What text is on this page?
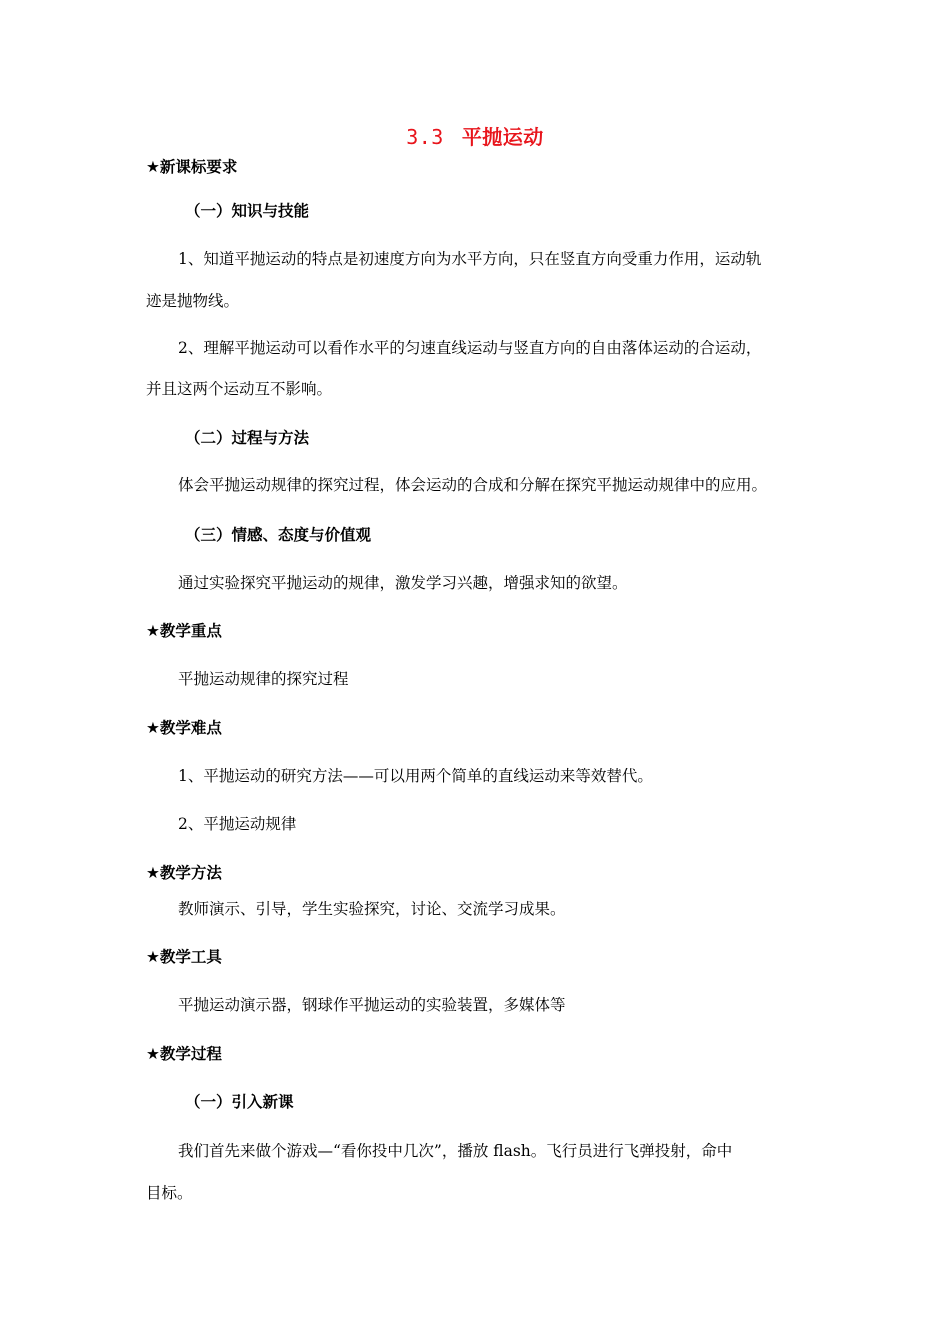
3.3 平抛运动
★新课标要求
（一）知识与技能
1、知道平抛运动的特点是初速度方向为水平方向，只在竖直方向受重力作用，运动轨
迹是抛物线。
2、理解平抛运动可以看作水平的匀速直线运动与竖直方向的自由落体运动的合运动，
并且这两个运动互不影响。
（二）过程与方法
体会平抛运动规律的探究过程，体会运动的合成和分解在探究平抛运动规律中的应用。
（三）情感、态度与价值观
通过实验探究平抛运动的规律，激发学习兴趣，增强求知的欲望。
★教学重点
平抛运动规律的探究过程
★教学难点
1、平抛运动的研究方法——可以用两个简单的直线运动来等效替代。
2、平抛运动规律
★教学方法
教师演示、引导，学生实验探究，讨论、交流学习成果。
★教学工具
平抛运动演示器，钢球作平抛运动的实验装置，多媒体等
★教学过程
（一）引入新课
我们首先来做个游戏—“看你投中几次”，播放 flash。飞行员进行飞弹投射，命中
目标。
